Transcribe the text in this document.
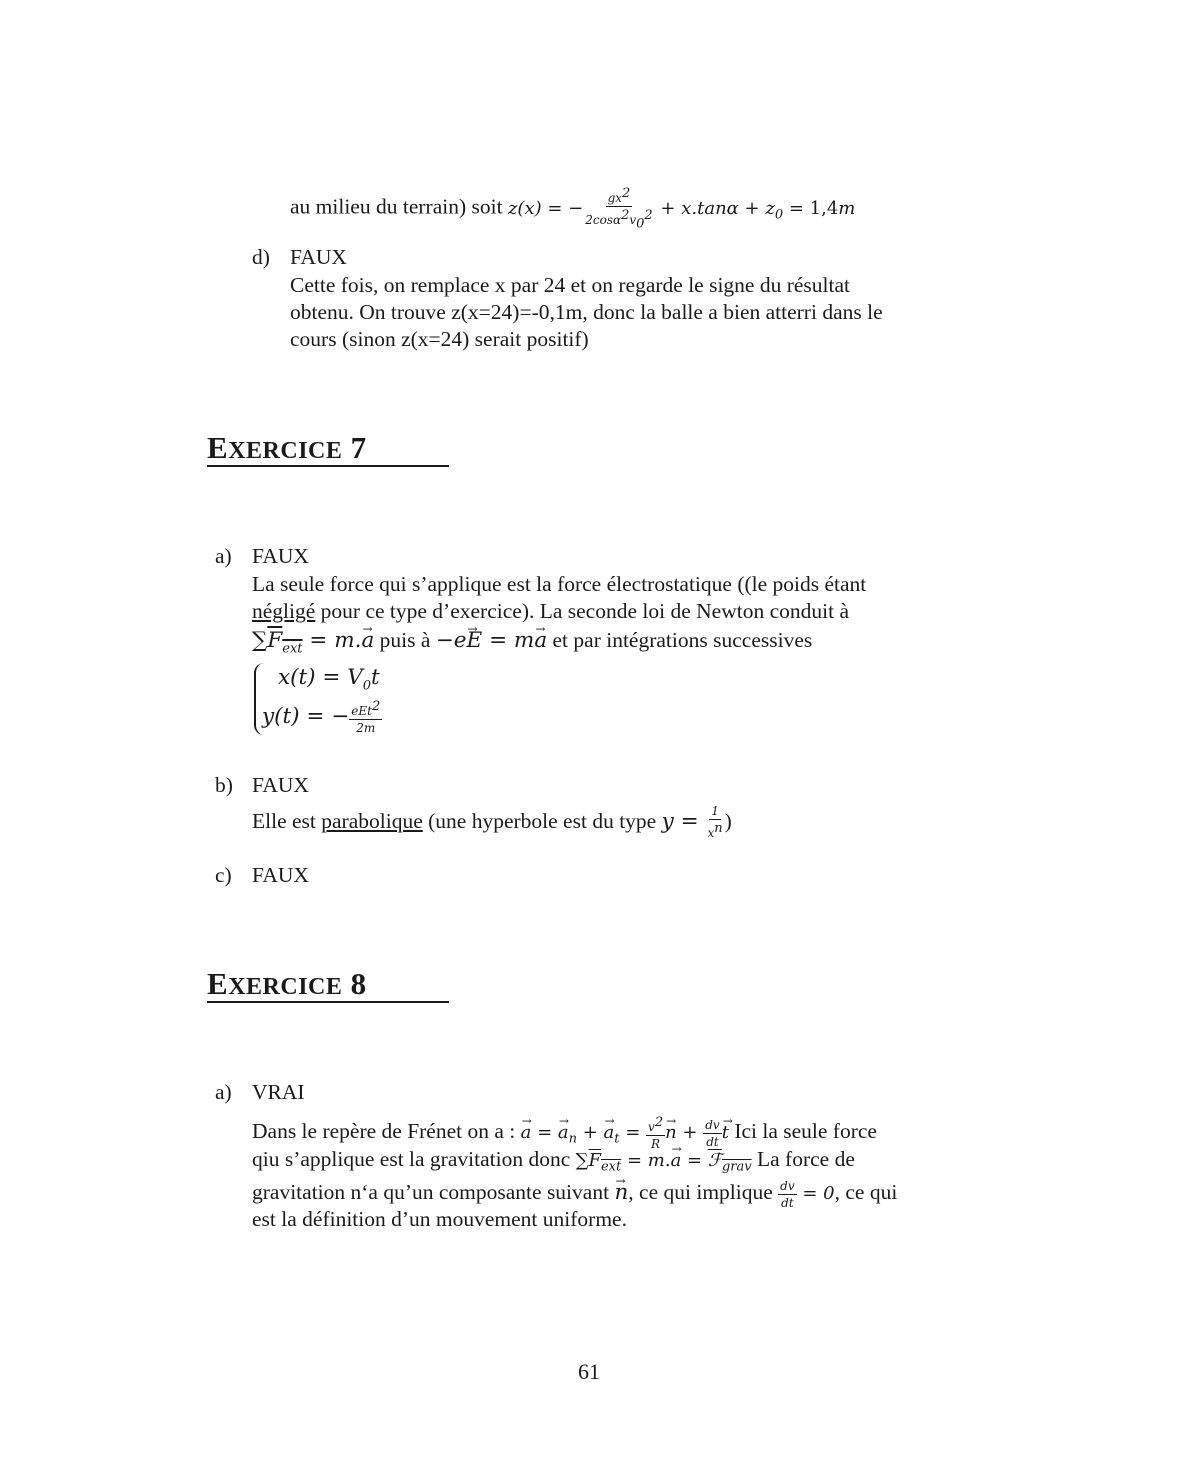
au milieu du terrain) soit z(x) = − $\frac{gx^2}{2\cos\alpha^2v_0^2} + x.\tan\alpha + z_0 = 1,4m$
d) FAUX
Cette fois, on remplace x par 24 et on regarde le signe du résultat
obtenu. On trouve z(x=24)=-0,1m, donc la balle a bien atterri dans le
cours (sinon z(x=24) serait positif)
EXERCICE 7
a) FAUX
La seule force qui s’applique est la force électrostatique ((le poids étant
négligé pour ce type d’exercice). La seconde loi de Newton conduit à
$\sum F_{ext} = m.\to a$ puis à −e→ E = m→ a et par intégrations successives
$x(t) = V_0t$
y(t) = − $\frac{eEt^2}{2m}$
b) FAUX
Elle est parabolique (une hyperbole est du type $y = \frac{1}{x^n}$ )
c) FAUX
EXERCICE 8
a) VRAI
Dans le repère de Frénet on a : → a = → $a_n$ + → $a_t = \frac{v^2}{R} \to n + \frac{dv}{dt} \to t$ Ici la seule force
qiu s’applique est la gravitation donc $\sum F_{ext} = m.\to a$ = ℱ$_{grav}$ La force de
gravitation n‘a qu’un composante suivant → n, ce qui implique $\frac{dv}{dt} = 0$, ce qui
est la définition d’un mouvement uniforme.
61
